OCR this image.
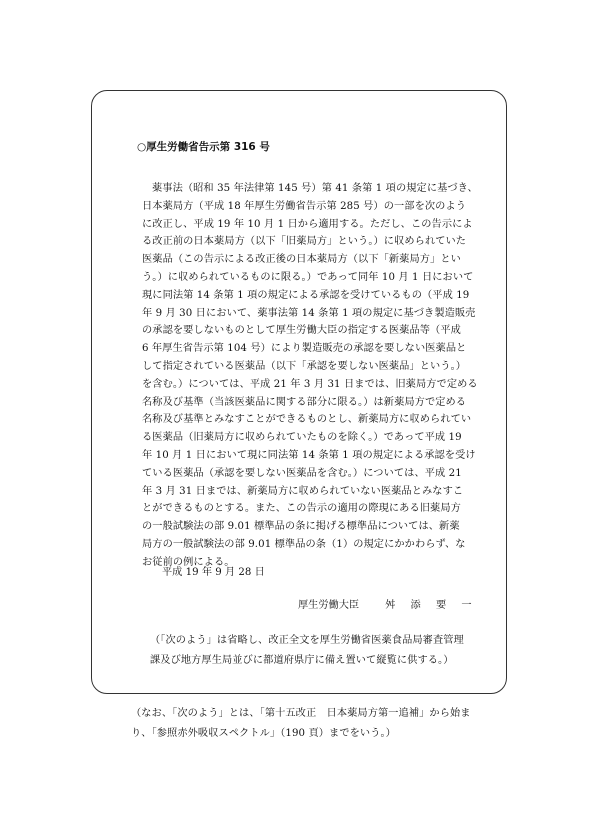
○厚生労働省告示第 316 号
薬事法（昭和 35 年法律第 145 号）第 41 条第 1 項の規定に基づき、
日本薬局方（平成 18 年厚生労働省告示第 285 号）の一部を次のよう
に改正し、平成 19 年 10 月 1 日から適用する。ただし、この告示によ
る改正前の日本薬局方（以下「旧薬局方」という。）に収められていた
医薬品（この告示による改正後の日本薬局方（以下「新薬局方」とい
う。）に収められているものに限る。）であって同年 10 月 1 日において
現に同法第 14 条第 1 項の規定による承認を受けているもの（平成 19
年 9 月 30 日において、薬事法第 14 条第 1 項の規定に基づき製造販売
の承認を要しないものとして厚生労働大臣の指定する医薬品等（平成
6 年厚生省告示第 104 号）により製造販売の承認を要しない医薬品と
して指定されている医薬品（以下「承認を要しない医薬品」という。）
を含む。）については、平成 21 年 3 月 31 日までは、旧薬局方で定める
名称及び基準（当該医薬品に関する部分に限る。）は新薬局方で定める
名称及び基準とみなすことができるものとし、新薬局方に収められてい
る医薬品（旧薬局方に収められていたものを除く。）であって平成 19
年 10 月 1 日において現に同法第 14 条第 1 項の規定による承認を受け
ている医薬品（承認を要しない医薬品を含む。）については、平成 21
年 3 月 31 日までは、新薬局方に収められていない医薬品とみなすこ
とができるものとする。また、この告示の適用の際現にある旧薬局方
の一般試験法の部 9.01 標準品の条に掲げる標準品については、新薬
局方の一般試験法の部 9.01 標準品の条（1）の規定にかかわらず、な
お従前の例による。
平成 19 年 9 月 28 日
厚生労働大臣	舛 添 要 一
（「次のよう」は省略し、改正全文を厚生労働省医薬食品局審査管理
課及び地方厚生局並びに都道府県庁に備え置いて縦覧に供する。）
（なお、「次のよう」とは、「第十五改正　日本薬局方第一追補」から始ま
り、「参照赤外吸収スペクトル」（190 頁）までをいう。）
